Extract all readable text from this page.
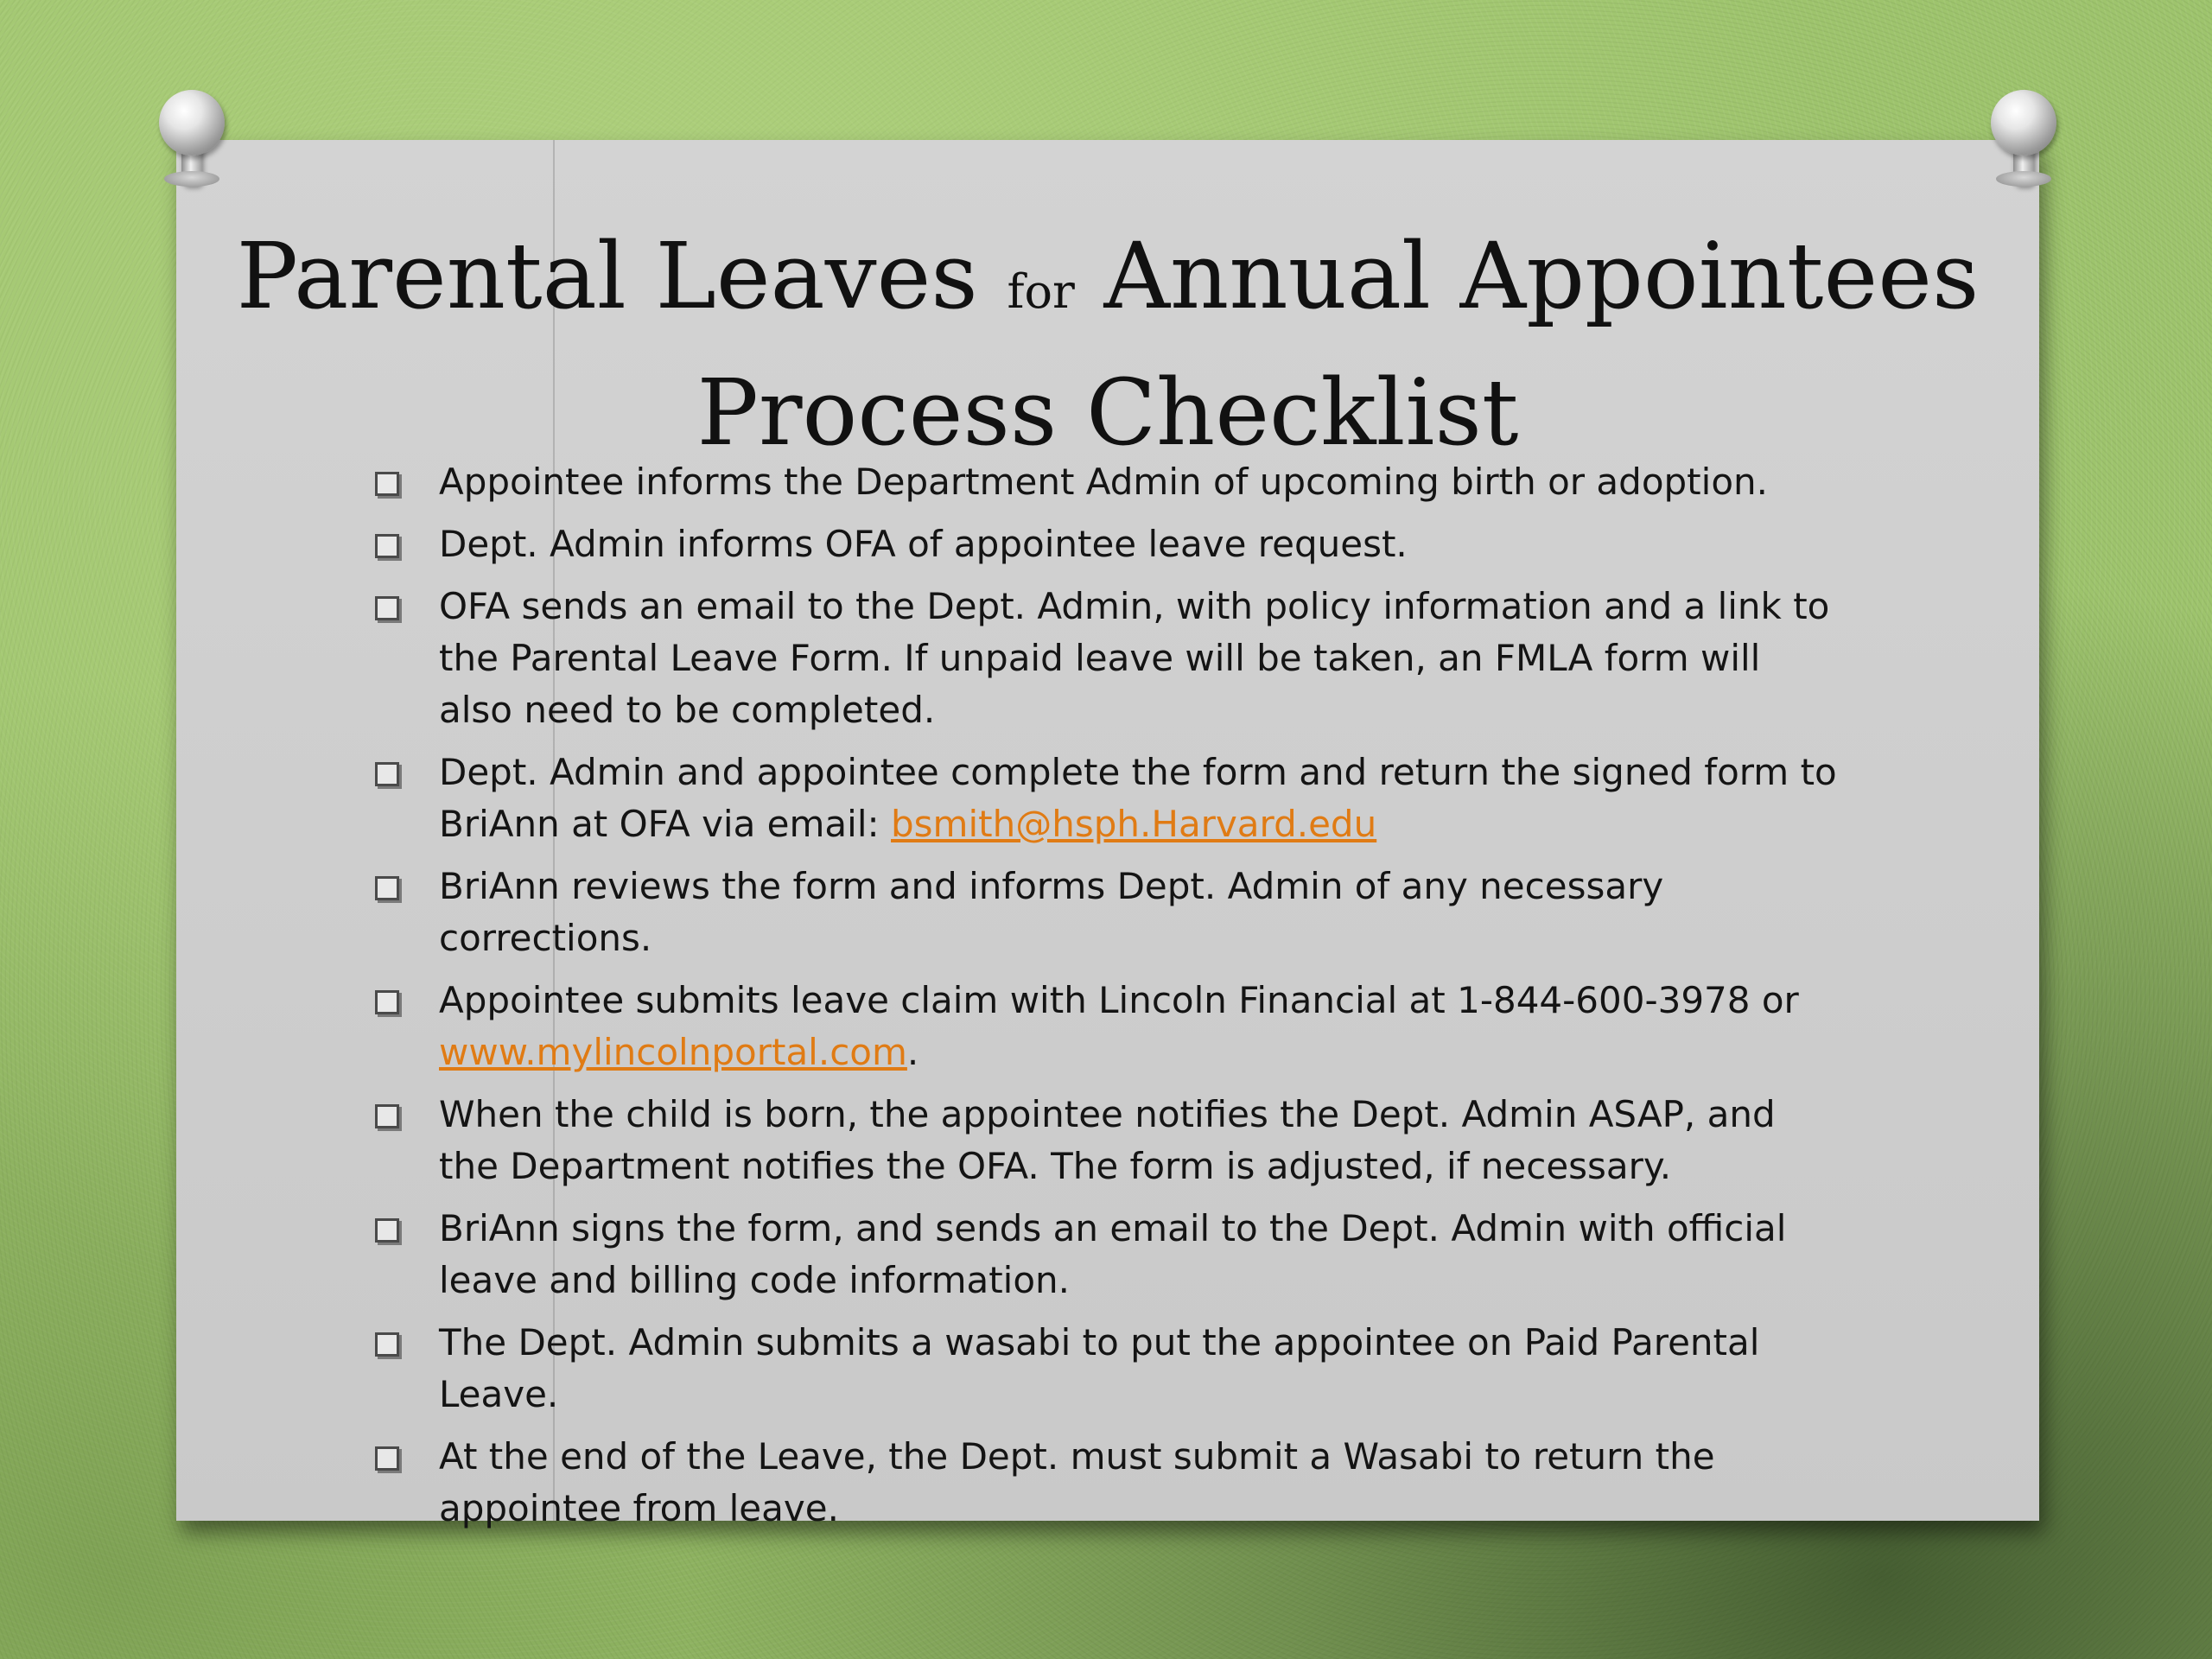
Parental Leaves for Annual Appointees
Process Checklist
Appointee informs the Department Admin of upcoming birth or adoption.
Dept. Admin informs OFA of appointee leave request.
OFA sends an email to the Dept. Admin, with policy information and a link to the Parental Leave Form. If unpaid leave will be taken, an FMLA form will also need to be completed.
Dept. Admin and appointee complete the form and return the signed form to BriAnn at OFA via email: bsmith@hsph.Harvard.edu
BriAnn reviews the form and informs Dept. Admin of any necessary corrections.
Appointee submits leave claim with Lincoln Financial at 1-844-600-3978 or www.mylincolnportal.com.
When the child is born, the appointee notifies the Dept. Admin ASAP, and the Department notifies the OFA. The form is adjusted, if necessary.
BriAnn signs the form, and sends an email to the Dept. Admin with official leave and billing code information.
The Dept. Admin submits a wasabi to put the appointee on Paid Parental Leave.
At the end of the Leave, the Dept. must submit a Wasabi to return the appointee from leave.
